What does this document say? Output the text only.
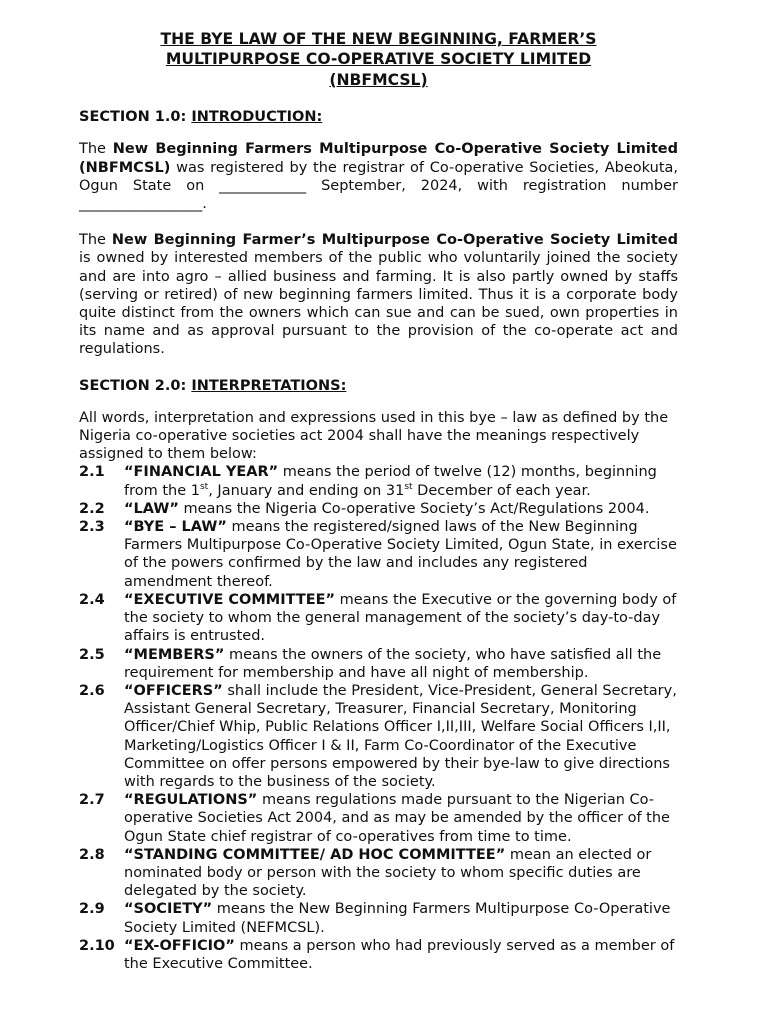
THE BYE LAW OF THE NEW BEGINNING, FARMER’S
MULTIPURPOSE CO-OPERATIVE SOCIETY LIMITED
(NBFMCSL)
SECTION 1.0: INTRODUCTION:

The New Beginning Farmers Multipurpose Co-Operative Society Limited (NBFMCSL) was registered by the registrar of Co-operative Societies, Abeokuta, Ogun State on ____________ September, 2024, with registration number _________________.

The New Beginning Farmer’s Multipurpose Co-Operative Society Limited is owned by interested members of the public who voluntarily joined the society and are into agro – allied business and farming. It is also partly owned by staffs (serving or retired) of new beginning farmers limited. Thus it is a corporate body quite distinct from the owners which can sue and can be sued, own properties in its name and as approval pursuant to the provision of the co-operate act and regulations.

SECTION 2.0: INTERPRETATIONS:

All words, interpretation and expressions used in this bye – law as defined by the Nigeria co-operative societies act 2004 shall have the meanings respectively assigned to them below:

2.1	“FINANCIAL YEAR” means the period of twelve (12) months, beginning from the 1st, January and ending on 31st December of each year.
2.2	“LAW” means the Nigeria Co-operative Society’s Act/Regulations 2004.
2.3	“BYE – LAW” means the registered/signed laws of the New Beginning Farmers Multipurpose Co-Operative Society Limited, Ogun State, in exercise of the powers confirmed by the law and includes any registered amendment thereof.
2.4	“EXECUTIVE COMMITTEE” means the Executive or the governing body of the society to whom the general management of the society’s day-to-day affairs is entrusted.
2.5	“MEMBERS” means the owners of the society, who have satisfied all the requirement for membership and have all night of membership.
2.6	“OFFICERS” shall include the President, Vice-President, General Secretary, Assistant General Secretary, Treasurer, Financial Secretary, Monitoring Officer/Chief Whip, Public Relations Officer I,II,III, Welfare Social Officers I,II, Marketing/Logistics Officer I & II, Farm Co-Coordinator of the Executive Committee on offer persons empowered by their bye-law to give directions with regards to the business of the society.
2.7	“REGULATIONS” means regulations made pursuant to the Nigerian Co-operative Societies Act 2004, and as may be amended by the officer of the Ogun State chief registrar of co-operatives from time to time.
2.8	“STANDING COMMITTEE/ AD HOC COMMITTEE” mean an elected or nominated body or person with the society to whom specific duties are delegated by the society.
2.9	“SOCIETY” means the New Beginning Farmers Multipurpose Co-Operative Society Limited (NEFMCSL).
2.10 “EX-OFFICIO” means a person who had previously served as a member of the Executive Committee.
